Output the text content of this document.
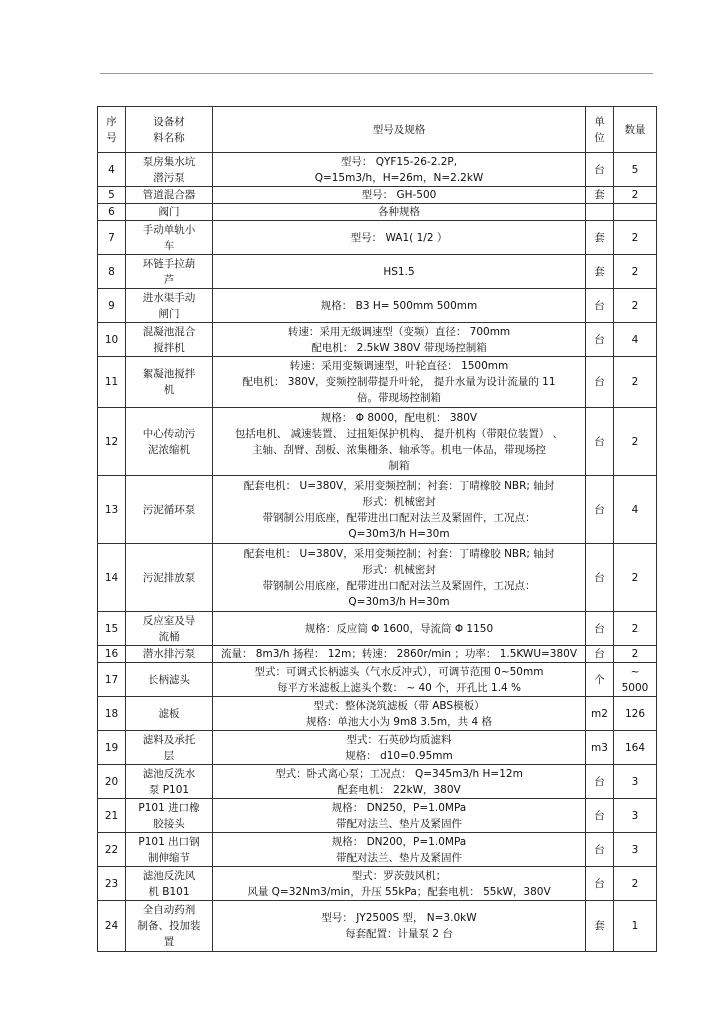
序
号	设备材
料名称	型号及规格	单
位	数量

4	泵房集水坑
潜污泵	型号： QYF15-26-2.2P,
Q=15m3/h，H=26m，N=2.2kW	台	5
5	管道混合器	型号： GH-500	套	2
6	阀门	各种规格		

7	手动单轨小
车	型号： WA1( 1/2 ）	套	2
8	环链手拉葫
芦	HS1.5	套	2
9	进水渠手动
闸门	规格： B3 H= 500mm 500mm	台	2
10	混凝池混合
搅拌机	转速：采用无级调速型（变频）直径： 700mm
配电机： 2.5kW 380V 带现场控制箱	台	4
11	絮凝池搅拌
机	转速：采用变频调速型，叶轮直径： 1500mm
配电机： 380V，变频控制带提升叶轮， 提升水量为设计流量的 11
倍。带现场控制箱	台	2
12	中心传动污
泥浓缩机	规格： Φ 8000，配电机： 380V
包括电机、 减速装置、 过扭矩保护机构、 提升机构（带限位装置） 、
主轴、刮臂、刮板、浓集栅条、轴承等。机电一体品，带现场控
制箱	台	2
13	污泥循环泵	配套电机： U=380V，采用变频控制；衬套：丁晴橡胶 NBR; 轴封
形式：机械密封
带钢制公用底座，配带进出口配对法兰及紧固件，工况点：
Q=30m3/h H=30m	台	4
14	污泥排放泵	配套电机： U=380V，采用变频控制；衬套：丁晴橡胶 NBR; 轴封
形式：机械密封
带钢制公用底座，配带进出口配对法兰及紧固件，工况点：
Q=30m3/h H=30m	台	2
15	反应室及导
流桶	规格：反应筒 Φ 1600，导流筒 Φ 1150	台	2
16	潜水排污泵	流量： 8m3/h 扬程： 12m；转速： 2860r/min ；功率： 1.5KWU=380V	台	2
17	长柄滤头	型式：可调式长柄滤头（气水反冲式），可调节范围 0~50mm
每平方米滤板上滤头个数： ~ 40 个，开孔比 1.4 %	个	~
5000

18	滤板	型式：整体浇筑滤板（带 ABS模板）
规格：单池大小为 9m8 3.5m，共 4 格	m2	126
19	滤料及承托
层	型式：石英砂均质滤料
规格： d10=0.95mm	m3	164
20	滤池反洗水
泵 P101	型式：卧式离心泵；工况点： Q=345m3/h H=12m
配套电机： 22kW，380V	台	3
21	P101 进口橡
胶接头	规格： DN250，P=1.0MPa
带配对法兰、垫片及紧固件	台	3
22	P101 出口钢
制伸缩节	规格： DN200，P=1.0MPa
带配对法兰、垫片及紧固件	台	3
23	滤池反洗风
机 B101	型式：罗茨鼓风机；
风量 Q=32Nm3/min，升压 55kPa；配套电机： 55kW，380V	台	2
24	全自动药剂
制备、投加装
置	型号： JY2500S 型， N=3.0kW
每套配置：计量泵 2 台	套	1
